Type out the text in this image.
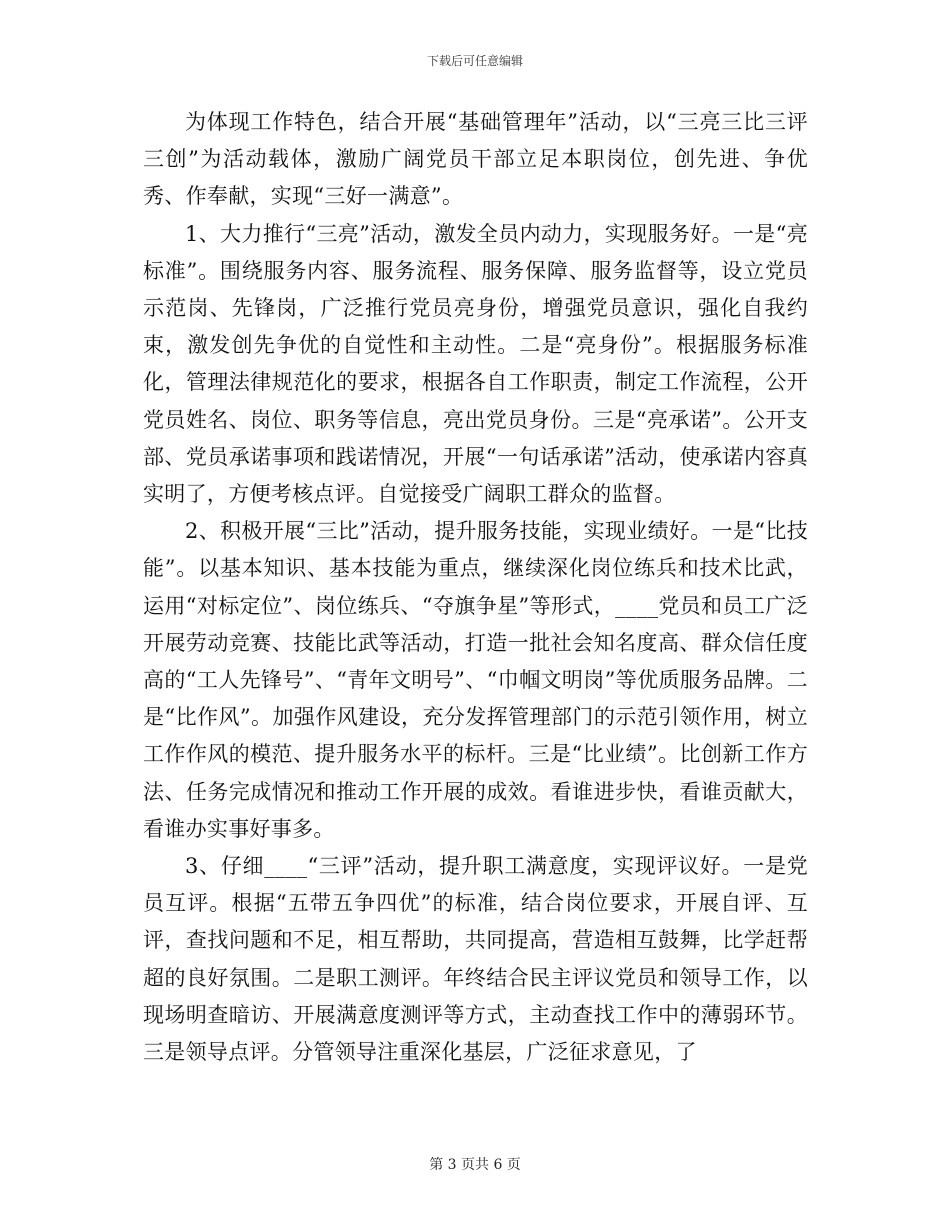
下载后可任意编辑

为体现工作特色，结合开展“基础管理年”活动，以“三亮三比三评三创”为活动载体，激励广阔党员干部立足本职岗位，创先进、争优秀、作奉献，实现“三好一满意”。

1、大力推行“三亮”活动，激发全员内动力，实现服务好。一是“亮标准”。围绕服务内容、服务流程、服务保障、服务监督等，设立党员示范岗、先锋岗，广泛推行党员亮身份，增强党员意识，强化自我约束，激发创先争优的自觉性和主动性。二是“亮身份”。根据服务标准化，管理法律规范化的要求，根据各自工作职责，制定工作流程，公开党员姓名、岗位、职务等信息，亮出党员身份。三是“亮承诺”。公开支部、党员承诺事项和践诺情况，开展“一句话承诺”活动，使承诺内容真实明了，方便考核点评。自觉接受广阔职工群众的监督。

2、积极开展“三比”活动，提升服务技能，实现业绩好。一是“比技能”。以基本知识、基本技能为重点，继续深化岗位练兵和技术比武，运用“对标定位”、岗位练兵、“夺旗争星”等形式，____党员和员工广泛开展劳动竞赛、技能比武等活动，打造一批社会知名度高、群众信任度高的“工人先锋号”、“青年文明号”、“巾帼文明岗”等优质服务品牌。二是“比作风”。加强作风建设，充分发挥管理部门的示范引领作用，树立工作作风的模范、提升服务水平的标杆。三是“比业绩”。比创新工作方法、任务完成情况和推动工作开展的成效。看谁进步快，看谁贡献大，看谁办实事好事多。

3、仔细____“三评”活动，提升职工满意度，实现评议好。一是党员互评。根据“五带五争四优”的标准，结合岗位要求，开展自评、互评，查找问题和不足，相互帮助，共同提高，营造相互鼓舞，比学赶帮超的良好氛围。二是职工测评。年终结合民主评议党员和领导工作，以现场明查暗访、开展满意度测评等方式，主动查找工作中的薄弱环节。三是领导点评。分管领导注重深化基层，广泛征求意见，了

第 3 页共 6 页
